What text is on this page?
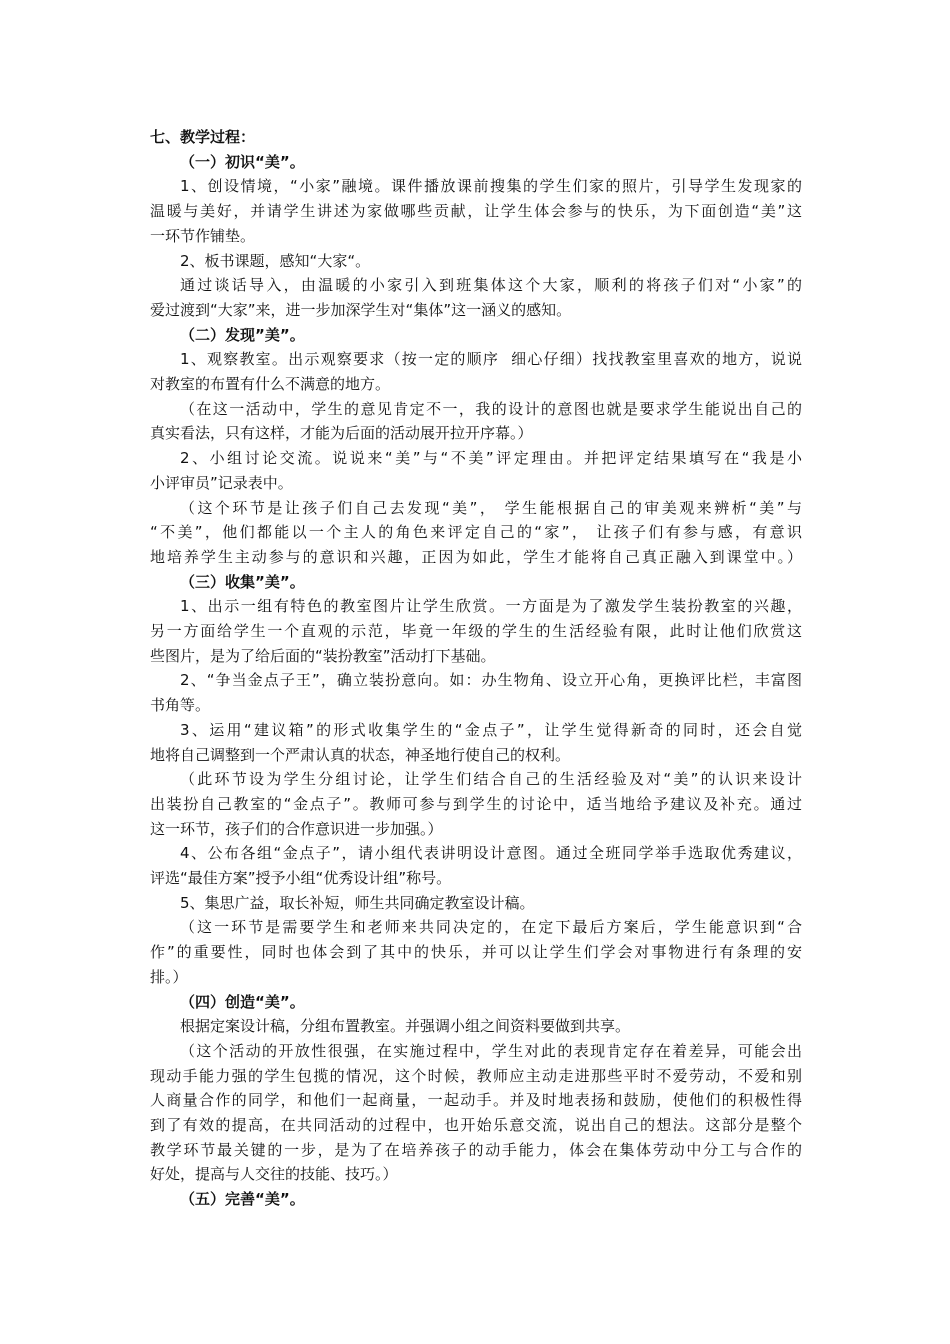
七、教学过程：
（一）初识“美”。
1、创设情境，“小家”融境。课件播放课前搜集的学生们家的照片，引导学生发现家的
温暖与美好，并请学生讲述为家做哪些贡献，让学生体会参与的快乐，为下面创造“美”这
一环节作铺垫。
2、板书课题，感知“大家“。
通过谈话导入，由温暖的小家引入到班集体这个大家，顺利的将孩子们对“小家”的
爱过渡到“大家”来，进一步加深学生对“集体”这一涵义的感知。
（二）发现”美”。
1、观察教室。出示观察要求（按一定的顺序  细心仔细）找找教室里喜欢的地方，说说
对教室的布置有什么不满意的地方。
（在这一活动中，学生的意见肯定不一，我的设计的意图也就是要求学生能说出自己的
真实看法，只有这样，才能为后面的活动展开拉开序幕。）
2、小组讨论交流。说说来“美”与“不美”评定理由。并把评定结果填写在“我是小
小评审员”记录表中。
（这个环节是让孩子们自己去发现“美”， 学生能根据自己的审美观来辨析“美”与
“不美”，他们都能以一个主人的角色来评定自己的“家”， 让孩子们有参与感，有意识
地培养学生主动参与的意识和兴趣，正因为如此，学生才能将自己真正融入到课堂中。）
（三）收集”美”。
1、出示一组有特色的教室图片让学生欣赏。一方面是为了激发学生装扮教室的兴趣，
另一方面给学生一个直观的示范，毕竟一年级的学生的生活经验有限，此时让他们欣赏这
些图片，是为了给后面的“装扮教室”活动打下基础。
2、“争当金点子王”，确立装扮意向。如：办生物角、设立开心角，更换评比栏，丰富图
书角等。
3、运用“建议箱”的形式收集学生的“金点子”，让学生觉得新奇的同时，还会自觉
地将自己调整到一个严肃认真的状态，神圣地行使自己的权利。
（此环节设为学生分组讨论，让学生们结合自己的生活经验及对“美”的认识来设计
出装扮自己教室的“金点子”。教师可参与到学生的讨论中，适当地给予建议及补充。通过
这一环节，孩子们的合作意识进一步加强。）
4、公布各组“金点子”，请小组代表讲明设计意图。通过全班同学举手选取优秀建议，
评选“最佳方案”授予小组“优秀设计组”称号。
5、集思广益，取长补短，师生共同确定教室设计稿。
（这一环节是需要学生和老师来共同决定的，在定下最后方案后，学生能意识到“合
作”的重要性，同时也体会到了其中的快乐，并可以让学生们学会对事物进行有条理的安
排。）
（四）创造“美”。
根据定案设计稿，分组布置教室。并强调小组之间资料要做到共享。
（这个活动的开放性很强，在实施过程中，学生对此的表现肯定存在着差异，可能会出
现动手能力强的学生包揽的情况，这个时候，教师应主动走进那些平时不爱劳动，不爱和别
人商量合作的同学，和他们一起商量，一起动手。并及时地表扬和鼓励，使他们的积极性得
到了有效的提高，在共同活动的过程中，也开始乐意交流，说出自己的想法。这部分是整个
教学环节最关键的一步，是为了在培养孩子的动手能力，体会在集体劳动中分工与合作的
好处，提高与人交往的技能、技巧。）
（五）完善“美”。
